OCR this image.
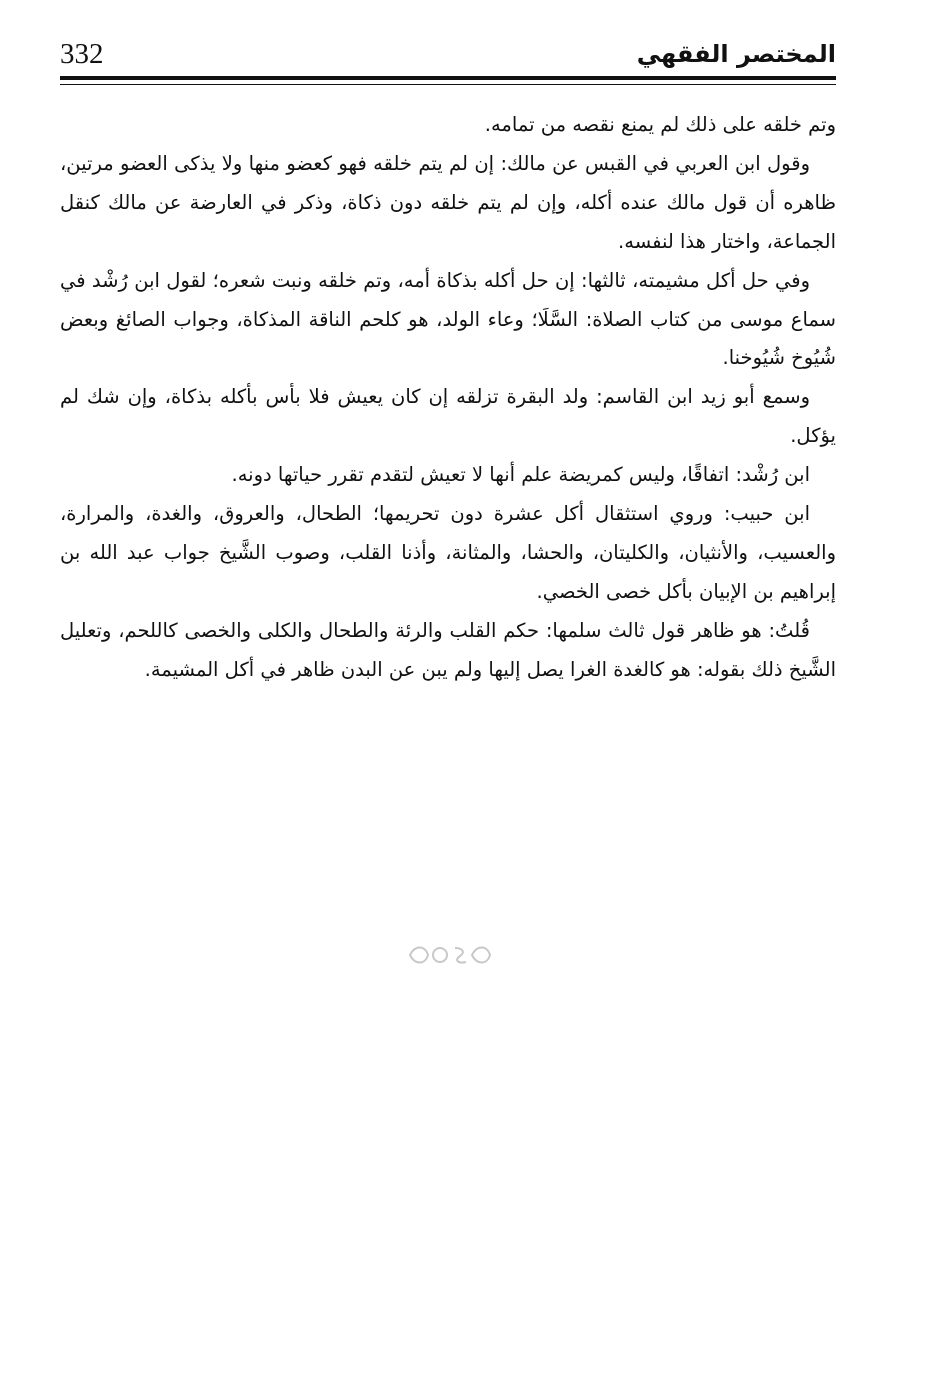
332	المختصر الفقهي

وتم خلقه على ذلك لم يمنع نقصه من تمامه.

وقول ابن العربي في القبس عن مالك: إن لم يتم خلقه فهو كعضو منها ولا يذكى العضو مرتين، ظاهره أن قول مالك عنده أكله، وإن لم يتم خلقه دون ذكاة، وذكر في العارضة عن مالك كنقل الجماعة، واختار هذا لنفسه.

وفي حل أكل مشيمته، ثالثها: إن حل أكله بذكاة أمه، وتم خلقه ونبت شعره؛ لقول ابن رُشْد في سماع موسى من كتاب الصلاة: السَّلَا؛ وعاء الولد، هو كلحم الناقة المذكاة، وجواب الصائغ وبعض شُيُوخ شُيُوخنا.

وسمع أبو زيد ابن القاسم: ولد البقرة تزلقه إن كان يعيش فلا بأس بأكله بذكاة، وإن شك لم يؤكل.

ابن رُشْد: اتفاقًا، وليس كمريضة علم أنها لا تعيش لتقدم تقرر حياتها دونه.

ابن حبيب: وروي استثقال أكل عشرة دون تحريمها؛ الطحال، والعروق، والغدة، والمرارة، والعسيب، والأنثيان، والكليتان، والحشا، والمثانة، وأذنا القلب، وصوب الشَّيخ جواب عبد الله بن إبراهيم بن الإبيان بأكل خصى الخصي.

قُلتُ: هو ظاهر قول ثالث سلمها: حكم القلب والرئة والطحال والكلى والخصى كاللحم، وتعليل الشَّيخ ذلك بقوله: هو كالغدة الغرا يصل إليها ولم يبن عن البدن ظاهر في أكل المشيمة.
